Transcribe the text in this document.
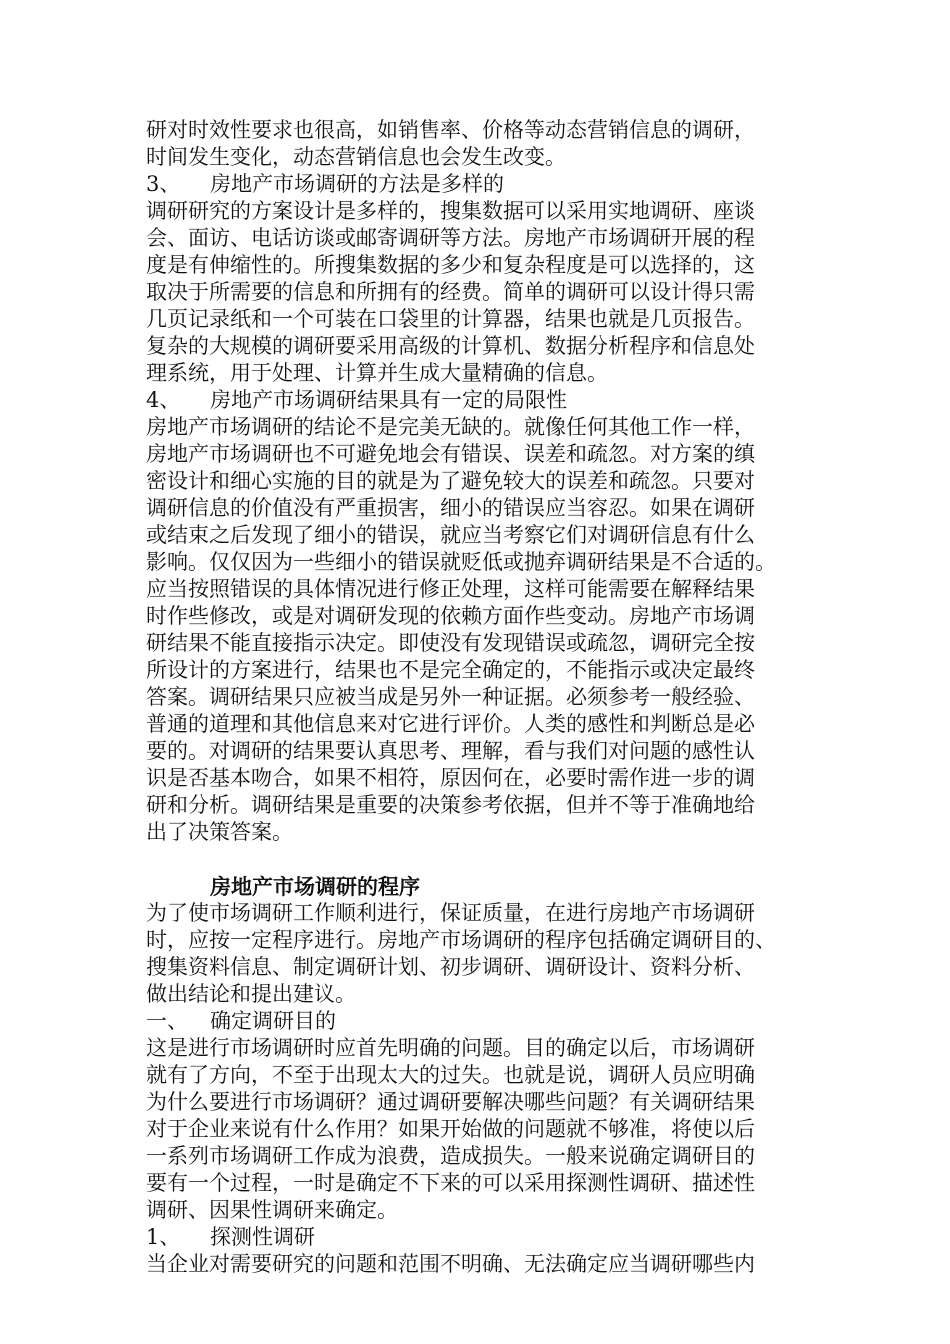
研对时效性要求也很高，如销售率、价格等动态营销信息的调研，
时间发生变化，动态营销信息也会发生改变。
3、 房地产市场调研的方法是多样的
调研研究的方案设计是多样的，搜集数据可以采用实地调研、座谈
会、面访、电话访谈或邮寄调研等方法。房地产市场调研开展的程
度是有伸缩性的。所搜集数据的多少和复杂程度是可以选择的，这
取决于所需要的信息和所拥有的经费。简单的调研可以设计得只需
几页记录纸和一个可装在口袋里的计算器，结果也就是几页报告。
复杂的大规模的调研要采用高级的计算机、数据分析程序和信息处
理系统，用于处理、计算并生成大量精确的信息。
4、 房地产市场调研结果具有一定的局限性
房地产市场调研的结论不是完美无缺的。就像任何其他工作一样，
房地产市场调研也不可避免地会有错误、误差和疏忽。对方案的缜
密设计和细心实施的目的就是为了避免较大的误差和疏忽。只要对
调研信息的价值没有严重损害，细小的错误应当容忍。如果在调研
或结束之后发现了细小的错误，就应当考察它们对调研信息有什么
影响。仅仅因为一些细小的错误就贬低或抛弃调研结果是不合适的。
应当按照错误的具体情况进行修正处理，这样可能需要在解释结果
时作些修改，或是对调研发现的依赖方面作些变动。房地产市场调
研结果不能直接指示决定。即使没有发现错误或疏忽，调研完全按
所设计的方案进行，结果也不是完全确定的，不能指示或决定最终
答案。调研结果只应被当成是另外一种证据。必须参考一般经验、
普通的道理和其他信息来对它进行评价。人类的感性和判断总是必
要的。对调研的结果要认真思考、理解，看与我们对问题的感性认
识是否基本吻合，如果不相符，原因何在，必要时需作进一步的调
研和分析。调研结果是重要的决策参考依据，但并不等于准确地给
出了决策答案。
房地产市场调研的程序
为了使市场调研工作顺利进行，保证质量，在进行房地产市场调研
时，应按一定程序进行。房地产市场调研的程序包括确定调研目的、
搜集资料信息、制定调研计划、初步调研、调研设计、资料分析、
做出结论和提出建议。
一、 确定调研目的
这是进行市场调研时应首先明确的问题。目的确定以后，市场调研
就有了方向，不至于出现太大的过失。也就是说，调研人员应明确
为什么要进行市场调研？通过调研要解决哪些问题？有关调研结果
对于企业来说有什么作用？如果开始做的问题就不够准，将使以后
一系列市场调研工作成为浪费，造成损失。一般来说确定调研目的
要有一个过程，一时是确定不下来的可以采用探测性调研、描述性
调研、因果性调研来确定。
1、 探测性调研
当企业对需要研究的问题和范围不明确、无法确定应当调研哪些内
